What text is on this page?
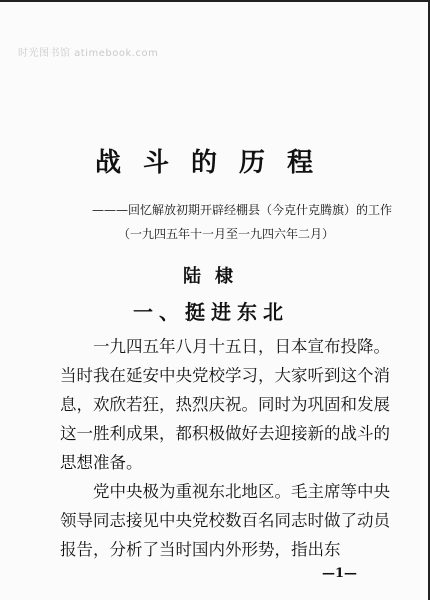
时光图书馆 atimebook.com
战斗的历程
———回忆解放初期开辟经棚县（今克什克腾旗）的工作
（一九四五年十一月至一九四六年二月）
陆棣
一、挺进东北

一九四五年八月十五日，日本宣布投降。当时我在延安中央党校学习，大家听到这个消息，欢欣若狂，热烈庆祝。同时为巩固和发展这一胜利成果，都积极做好去迎接新的战斗的思想准备。

党中央极为重视东北地区。毛主席等中央领导同志接见中央党校数百名同志时做了动员报告，分析了当时国内外形势，指出东

—1—
